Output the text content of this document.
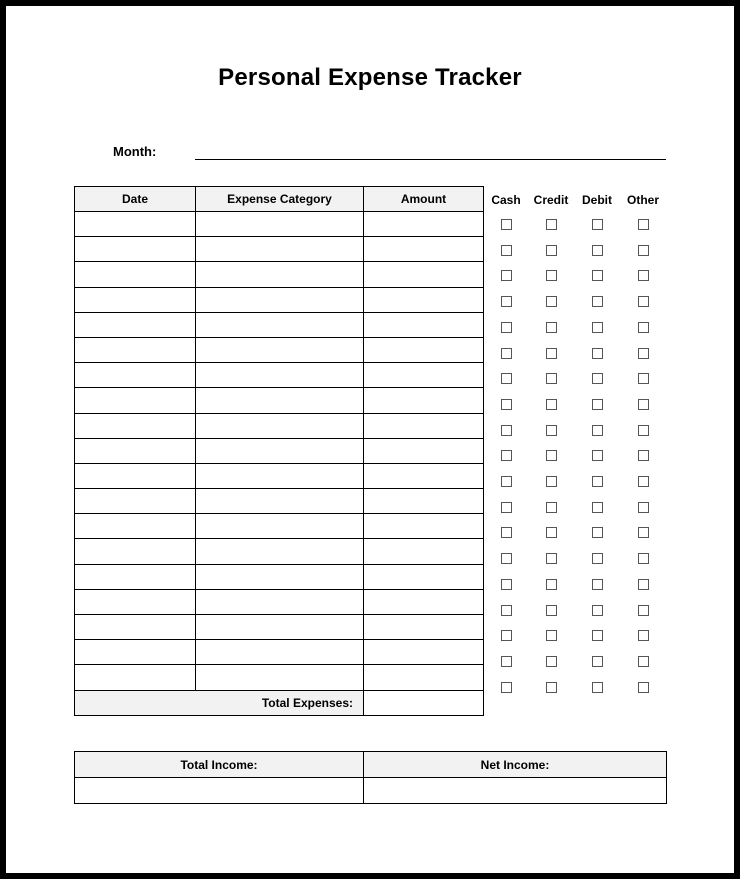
Personal Expense Tracker
Month:
Date	Expense Category	Amount

Total Expenses:		
Cash	Credit	Debit	Other
Total Income:	Net Income:
